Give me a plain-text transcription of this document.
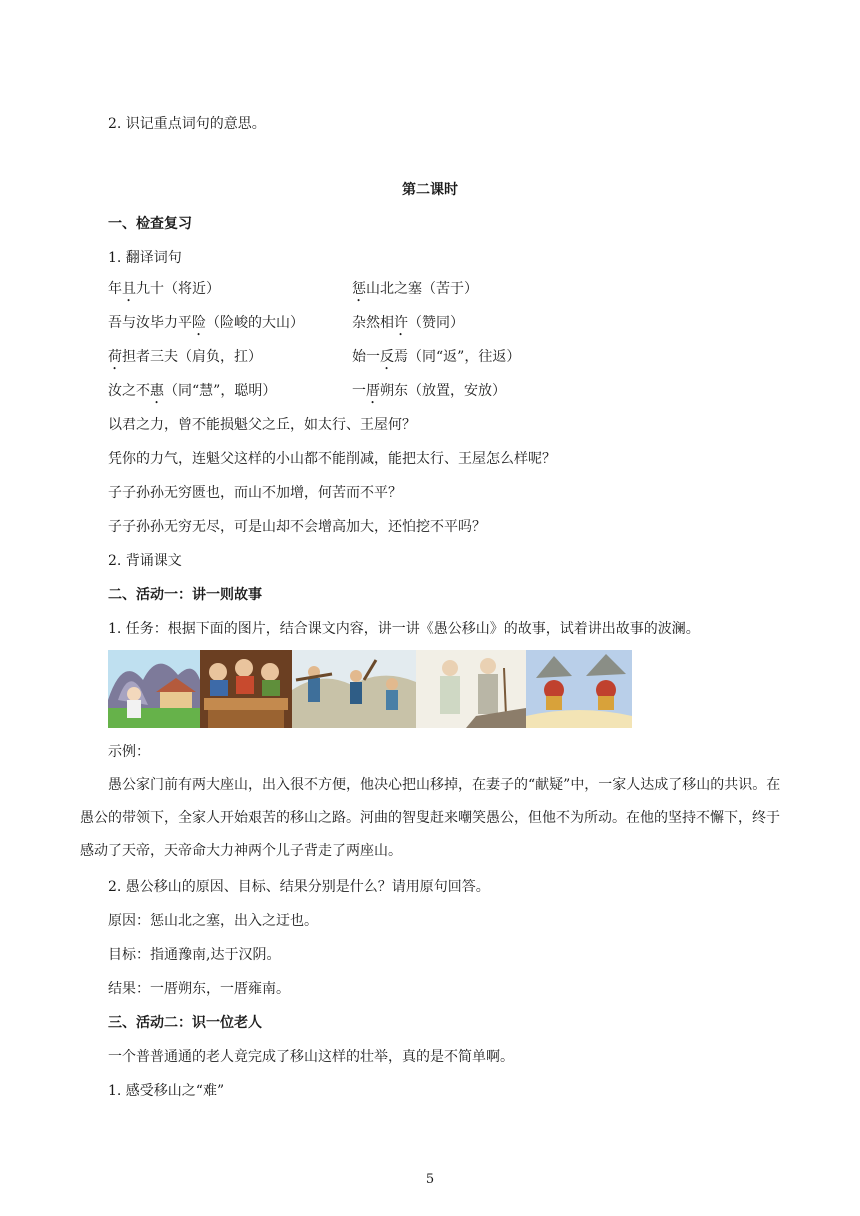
2. 识记重点词句的意思。
第二课时
一、检查复习
1. 翻译词句
年且九十（将近）	惩山北之塞（苦于）
吾与汝毕力平险（险峻的大山）	杂然相许（赞同）
荷担者三夫（肩负，扛）	始一反焉（同“返”，往返）
汝之不惠（同“慧”，聪明）	一厝朔东（放置，安放）
以君之力，曾不能损魁父之丘，如太行、王屋何？
凭你的力气，连魁父这样的小山都不能削减，能把太行、王屋怎么样呢？
子子孙孙无穷匮也，而山不加增，何苦而不平？
子子孙孙无穷无尽，可是山却不会增高加大，还怕挖不平吗？
2. 背诵课文
二、活动一：讲一则故事
1. 任务：根据下面的图片，结合课文内容，讲一讲《愚公移山》的故事，试着讲出故事的波澜。
示例：
愚公家门前有两大座山，出入很不方便，他决心把山移掉，在妻子的“献疑”中，一家人达成了移山的共识。在愚公的带领下，全家人开始艰苦的移山之路。河曲的智叟赶来嘲笑愚公，但他不为所动。在他的坚持不懈下，终于感动了天帝，天帝命大力神两个儿子背走了两座山。
2. 愚公移山的原因、目标、结果分别是什么？请用原句回答。
原因：惩山北之塞，出入之迂也。
目标：指通豫南,达于汉阴。
结果：一厝朔东，一厝雍南。
三、活动二：识一位老人
一个普普通通的老人竟完成了移山这样的壮举，真的是不简单啊。
1. 感受移山之“难”
5
